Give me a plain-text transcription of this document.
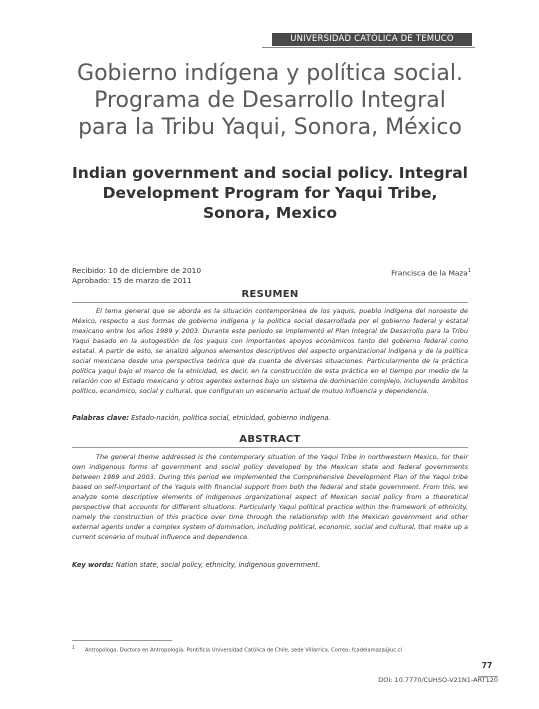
UNIVERSIDAD CATÓLICA DE TEMUCO
Gobierno indígena y política social.
Programa de Desarrollo Integral
para la Tribu Yaqui, Sonora, México
Indian government and social policy. Integral
Development Program for Yaqui Tribe,
Sonora, Mexico
Recibido: 10 de diciembre de 2010
Aprobado: 15 de marzo de 2011
Francisca de la Maza$^1$
RESUMEN
El tema general que se aborda es la situación contemporánea de los yaquis, pueblo indígena del noroeste de México, respecto a sus formas de gobierno indígena y la política social desarrollada por el gobierno federal y estatal mexicano entre los años 1989 y 2003. Durante este periodo se implementó el Plan Integral de Desarrollo para la Tribu Yaqui basado en la autogestión de los yaquis con importantes apoyos económicos tanto del gobierno federal como estatal. A partir de esto, se analizó algunos elementos descriptivos del aspecto organizacional indígena y de la política social mexicana desde una perspectiva teórica que da cuenta de diversas situaciones. Particularmente de la práctica política yaqui bajo el marco de la etnicidad, es decir, en la construcción de esta práctica en el tiempo por medio de la relación con el Estado mexicano y otros agentes externos bajo un sistema de dominación complejo, incluyendo ámbitos político, económico, social y cultural, que configuran un escenario actual de mutuo influencia y dependencia.
Palabras clave: Estado-nación, política social, etnicidad, gobierno indígena.
ABSTRACT
The general theme addressed is the contemporary situation of the Yaqui Tribe in northwestern Mexico, for their own indigenous forms of government and social policy developed by the Mexican state and federal governments between 1989 and 2003. During this period we implemented the Comprehensive Development Plan of the Yaqui tribe based on self-important of the Yaquis with financial support from both the federal and state government. From this, we analyze some descriptive elements of indigenous organizational aspect of Mexican social policy from a theoretical perspective that accounts for different situations. Particularly Yaqui political practice within the framework of ethnicity, namely the construction of this practice over time through the relationship with the Mexican government and other external agents under a complex system of domination, including political, economic, social and cultural, that make up a current scenario of mutual influence and dependence.
Key words: Nation state, social policy, ethnicity, indigenous government.
$^1$ Antropóloga, Doctora en Antropología, Pontificia Universidad Católica de Chile, sede Villarrica. Correo: fcadelamaza@uc.cl
77
DOI: 10.7770/CUHSO-V21N1-ART120
